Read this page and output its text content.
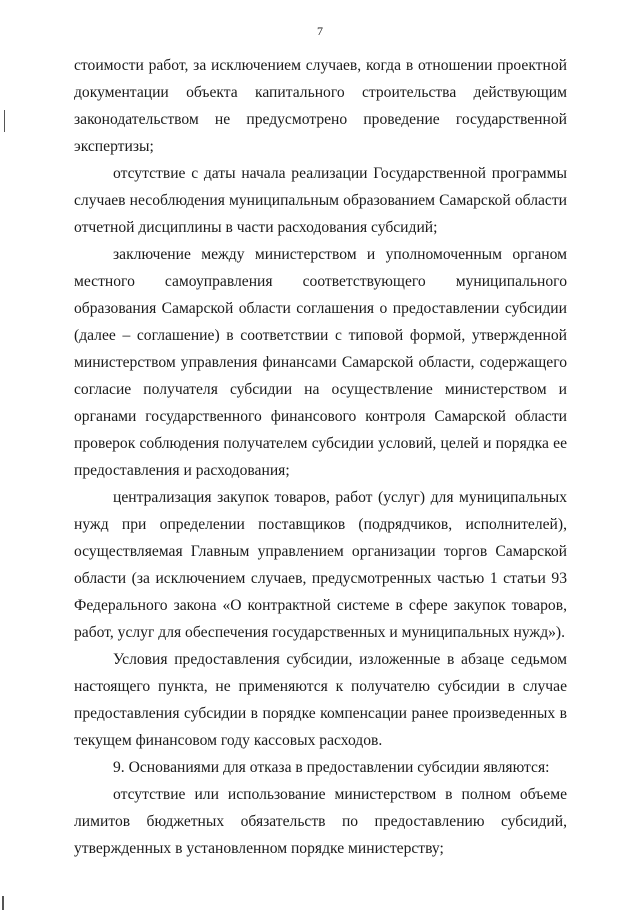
7

стоимости работ, за исключением случаев, когда в отношении проектной документации объекта капитального строительства действующим законодательством не предусмотрено проведение государственной экспертизы;

отсутствие с даты начала реализации Государственной программы случаев несоблюдения муниципальным образованием Самарской области отчетной дисциплины в части расходования субсидий;

заключение между министерством и уполномоченным органом местного самоуправления соответствующего муниципального образования Самарской области соглашения о предоставлении субсидии (далее – соглашение) в соответствии с типовой формой, утвержденной министерством управления финансами Самарской области, содержащего согласие получателя субсидии на осуществление министерством и органами государственного финансового контроля Самарской области проверок соблюдения получателем субсидии условий, целей и порядка ее предоставления и расходования;

централизация закупок товаров, работ (услуг) для муниципальных нужд при определении поставщиков (подрядчиков, исполнителей), осуществляемая Главным управлением организации торгов Самарской области (за исключением случаев, предусмотренных частью 1 статьи 93 Федерального закона «О контрактной системе в сфере закупок товаров, работ, услуг для обеспечения государственных и муниципальных нужд»).

Условия предоставления субсидии, изложенные в абзаце седьмом настоящего пункта, не применяются к получателю субсидии в случае предоставления субсидии в порядке компенсации ранее произведенных в текущем финансовом году кассовых расходов.

9. Основаниями для отказа в предоставлении субсидии являются:

отсутствие или использование министерством в полном объеме лимитов бюджетных обязательств по предоставлению субсидий, утвержденных в установленном порядке министерству;
